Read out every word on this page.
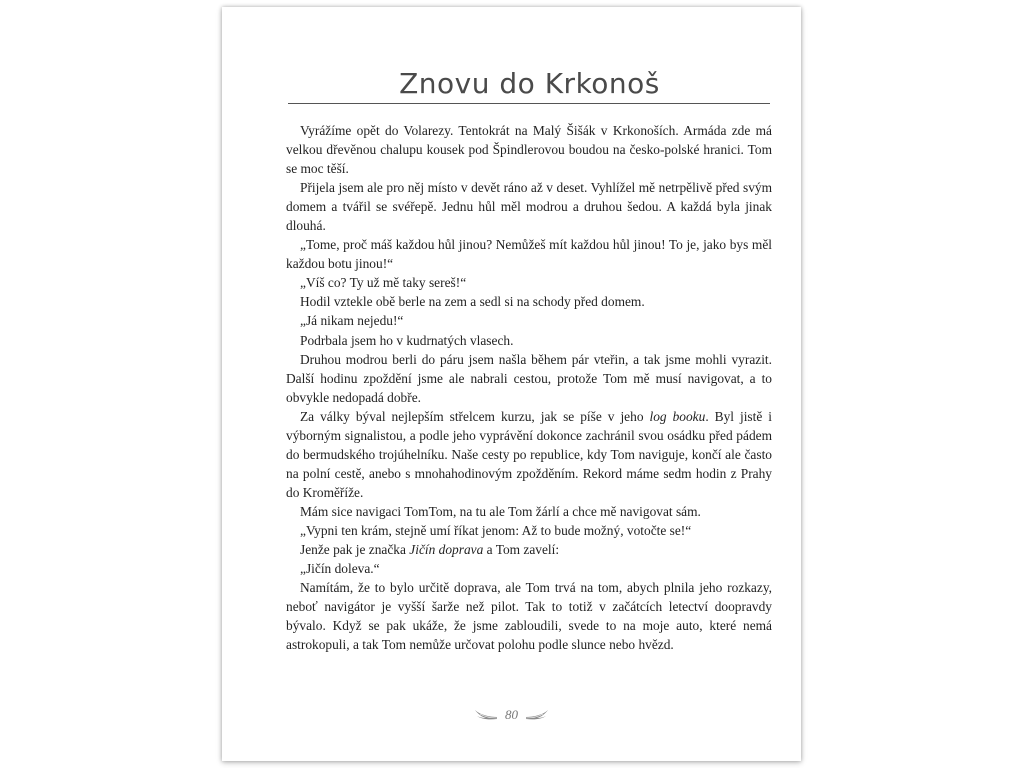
Znovu do Krkonoš

Vyrážíme opět do Volarezy. Tentokrát na Malý Šišák v Krkonoších. Armáda zde má velkou dřevěnou chalupu kousek pod Špindlerovou boudou na česko-polské hranici. Tom se moc těší.

Přijela jsem ale pro něj místo v devět ráno až v deset. Vyhlížel mě netrpělivě před svým domem a tvářil se svéřepě. Jednu hůl měl modrou a druhou šedou. A každá byla jinak dlouhá.

„Tome, proč máš každou hůl jinou? Nemůžeš mít každou hůl jinou! To je, jako bys měl každou botu jinou!“

„Víš co? Ty už mě taky sereš!“

Hodil vztekle obě berle na zem a sedl si na schody před domem.

„Já nikam nejedu!“

Podrbala jsem ho v kudrnatých vlasech.

Druhou modrou berli do páru jsem našla během pár vteřin, a tak jsme mohli vyrazit. Další hodinu zpoždění jsme ale nabrali cestou, protože Tom mě musí navigovat, a to obvykle nedopadá dobře.

Za války býval nejlepším střelcem kurzu, jak se píše v jeho log booku. Byl jistě i výborným signalistou, a podle jeho vyprávění dokonce zachránil svou osádku před pádem do bermudského trojúhelníku. Naše cesty po republice, kdy Tom naviguje, končí ale často na polní cestě, anebo s mnohahodinovým zpožděním. Rekord máme sedm hodin z Prahy do Kroměříže.

Mám sice navigaci TomTom, na tu ale Tom žárlí a chce mě navigovat sám.

„Vypni ten krám, stejně umí říkat jenom: Až to bude možný, votočte se!“

Jenže pak je značka Jičín doprava a Tom zavelí:

„Jičín doleva.“

Namítám, že to bylo určitě doprava, ale Tom trvá na tom, abych plnila jeho rozkazy, neboť navigátor je vyšší šarže než pilot. Tak to totiž v začátcích letectví doopravdy bývalo. Když se pak ukáže, že jsme zabloudili, svede to na moje auto, které nemá astrokopuli, a tak Tom nemůže určovat polohu podle slunce nebo hvězd.

80
